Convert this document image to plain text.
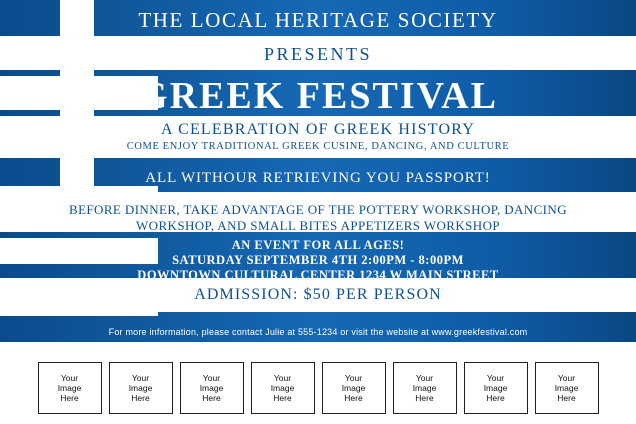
THE LOCAL HERITAGE SOCIETY
PRESENTS
GREEK FESTIVAL
A CELEBRATION OF GREEK HISTORY
COME ENJOY TRADITIONAL GREEK CUSINE, DANCING, AND CULTURE
ALL WITHOUR RETRIEVING YOU PASSPORT!
BEFORE DINNER, TAKE ADVANTAGE OF THE POTTERY WORKSHOP, DANCING
WORKSHOP, AND SMALL BITES APPETIZERS WORKSHOP
AN EVENT FOR ALL AGES!
SATURDAY SEPTEMBER 4TH 2:00PM - 8:00PM
DOWNTOWN CULTURAL CENTER 1234 W MAIN STREET
ADMISSION: $50 PER PERSON
For more information, please contact Julie at 555-1234 or visit the website at www.greekfestival.com
Your
Image
Here
Your
Image
Here
Your
Image
Here
Your
Image
Here
Your
Image
Here
Your
Image
Here
Your
Image
Here
Your
Image
Here
